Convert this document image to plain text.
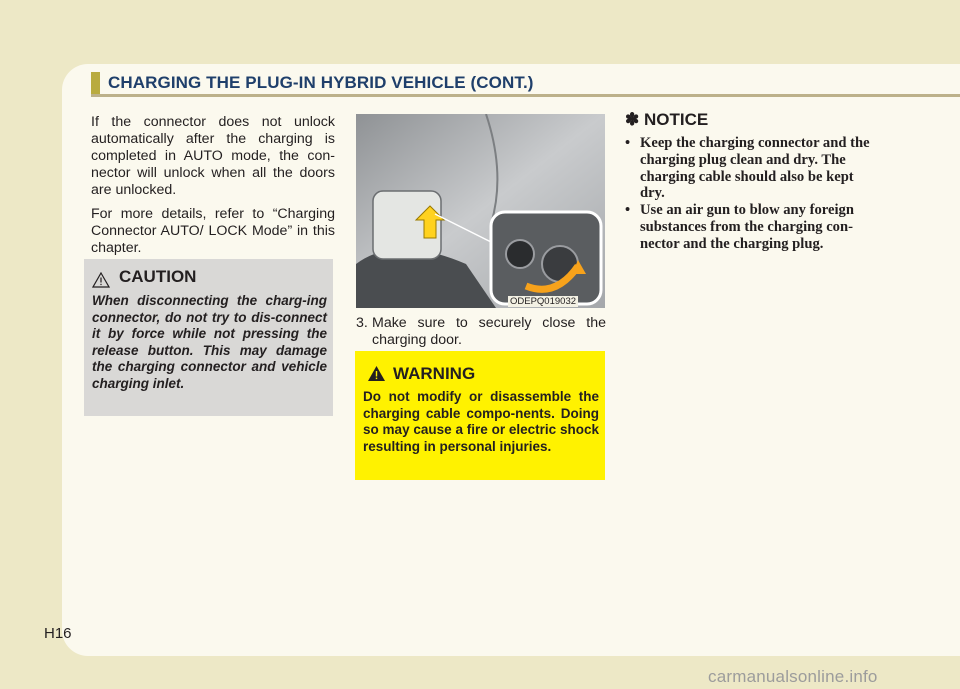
CHARGING THE PLUG-IN HYBRID VEHICLE (CONT.)

If the connector does not unlock automatically after the charging is completed in AUTO mode, the con-nector will unlock when all the doors are unlocked.

For more details, refer to “Charging Connector AUTO/ LOCK Mode” in this chapter.

CAUTION
When disconnecting the charg-ing connector, do not try to dis-connect it by force while not pressing the release button. This may damage the charging connector and vehicle charging inlet.
ODEPQ019032
3. Make sure to securely close the charging door.
WARNING
Do not modify or disassemble the charging cable compo-nents. Doing so may cause a fire or electric shock resulting in personal injuries.
✽ NOTICE
• Keep the charging connector and the charging plug clean and dry. The charging cable should also be kept dry.
• Use an air gun to blow any foreign substances from the charging con-nector and the charging plug.
H16
carmanualsonline.info
